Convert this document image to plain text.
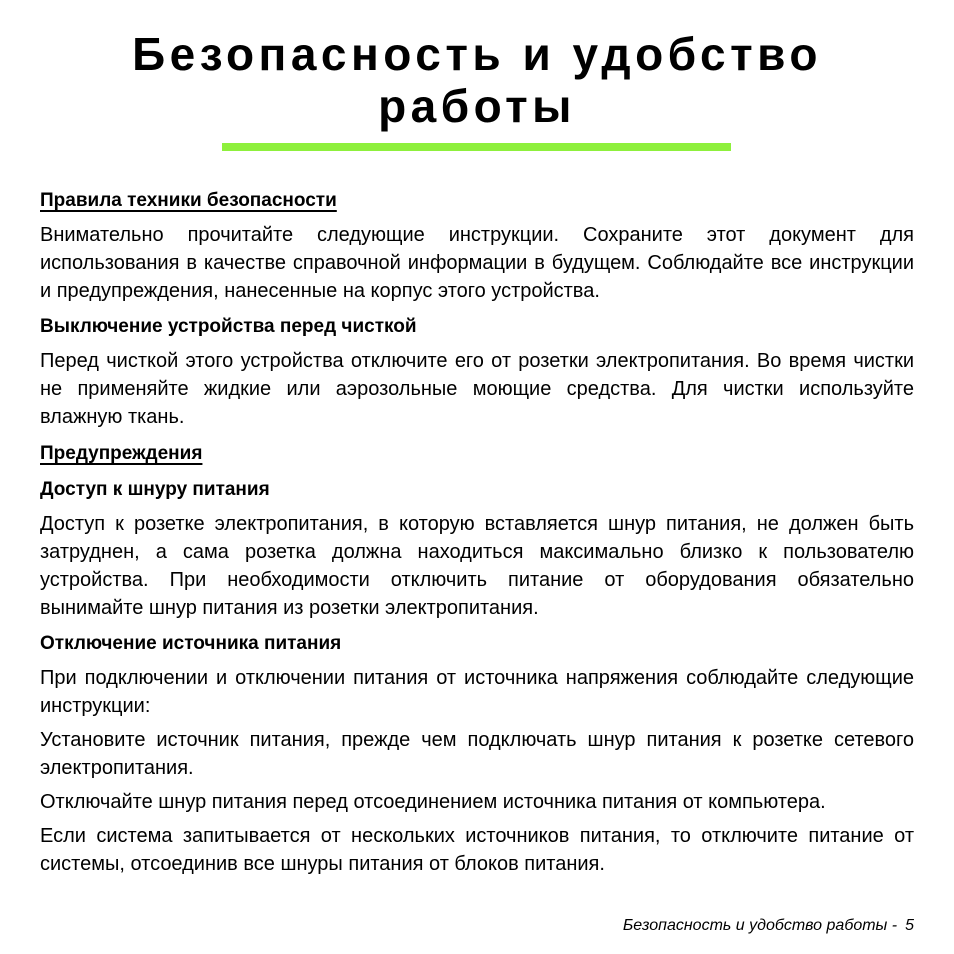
Безопасность и удобство
работы
Правила техники безопасности

Внимательно прочитайте следующие инструкции. Сохраните этот документ для использования в качестве справочной информации в будущем. Соблюдайте все инструкции и предупреждения, нанесенные на корпус этого устройства.

Выключение устройства перед чисткой

Перед чисткой этого устройства отключите его от розетки электропитания. Во время чистки не применяйте жидкие или аэрозольные моющие средства. Для чистки используйте влажную ткань.

Предупреждения
Доступ к шнуру питания

Доступ к розетке электропитания, в которую вставляется шнур питания, не должен быть затруднен, а сама розетка должна находиться максимально близко к пользователю устройства. При необходимости отключить питание от оборудования обязательно вынимайте шнур питания из розетки электропитания.

Отключение источника питания

При подключении и отключении питания от источника напряжения соблюдайте следующие инструкции:

Установите источник питания, прежде чем подключать шнур питания к розетке сетевого электропитания.

Отключайте шнур питания перед отсоединением источника питания от компьютера.

Если система запитывается от нескольких источников питания, то отключите питание от системы, отсоединив все шнуры питания от блоков питания.

Безопасность и удобство работы - 5
